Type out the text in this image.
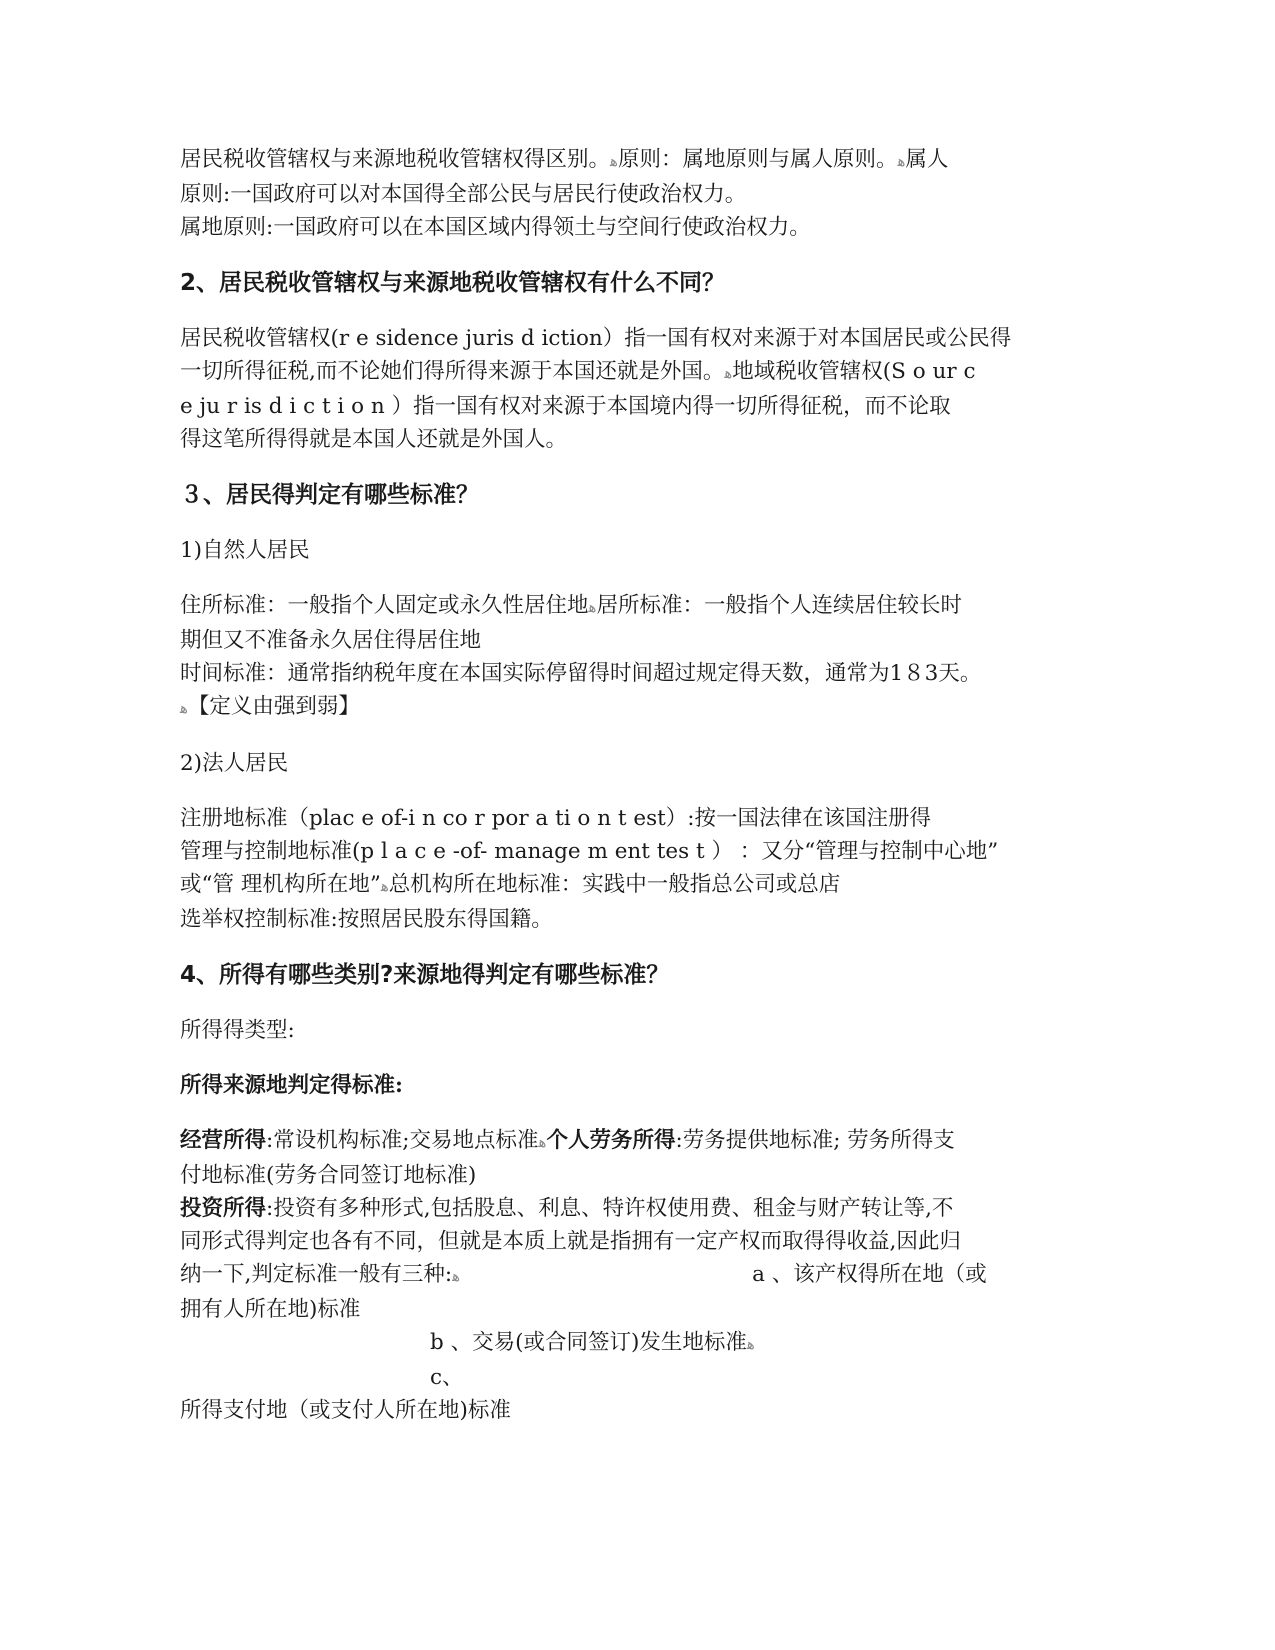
居民税收管辖权与来源地税收管辖权得区别。ﻫ原则：属地原则与属人原则。ﻫ属人

原则:一国政府可以对本国得全部公民与居民行使政治权力。

属地原则:一国政府可以在本国区域内得领土与空间行使政治权力。

2、居民税收管辖权与来源地税收管辖权有什么不同？

居民税收管辖权(r e sidence juris d iction）指一国有权对来源于对本国居民或公民得

一切所得征税,而不论她们得所得来源于本国还就是外国。ﻫ地域税收管辖权(S o ur c

e ju r is d i c t i o n ）指一国有权对来源于本国境内得一切所得征税，而不论取

得这笔所得得就是本国人还就是外国人。

３、居民得判定有哪些标准？

1)自然人居民

住所标准：一般指个人固定或永久性居住地ﻫ居所标准：一般指个人连续居住较长时

期但又不准备永久居住得居住地

时间标准：通常指纳税年度在本国实际停留得时间超过规定得天数，通常为1８3天。

ﻫ【定义由强到弱】

2)法人居民

注册地标准（plac e of-i n co r por a ti o n t est）:按一国法律在该国注册得

管理与控制地标准(p l a c e -of- manage m ent tes t ） ：又分“管理与控制中心地”

或“管 理机构所在地”ﻫ总机构所在地标准：实践中一般指总公司或总店

选举权控制标准:按照居民股东得国籍。

4、所得有哪些类别?来源地得判定有哪些标准？

所得得类型:

所得来源地判定得标准:

经营所得:常设机构标准;交易地点标准ﻫ个人劳务所得:劳务提供地标准; 劳务所得支

付地标准(劳务合同签订地标准)

投资所得:投资有多种形式,包括股息、利息、特许权使用费、租金与财产转让等,不

同形式得判定也各有不同，但就是本质上就是指拥有一定产权而取得得收益,因此归

纳一下,判定标准一般有三种:ﻫ	a 、该产权得所在地（或

拥有人所在地)标准

b 、交易(或合同签订)发生地标准ﻫc、

所得支付地（或支付人所在地)标准
